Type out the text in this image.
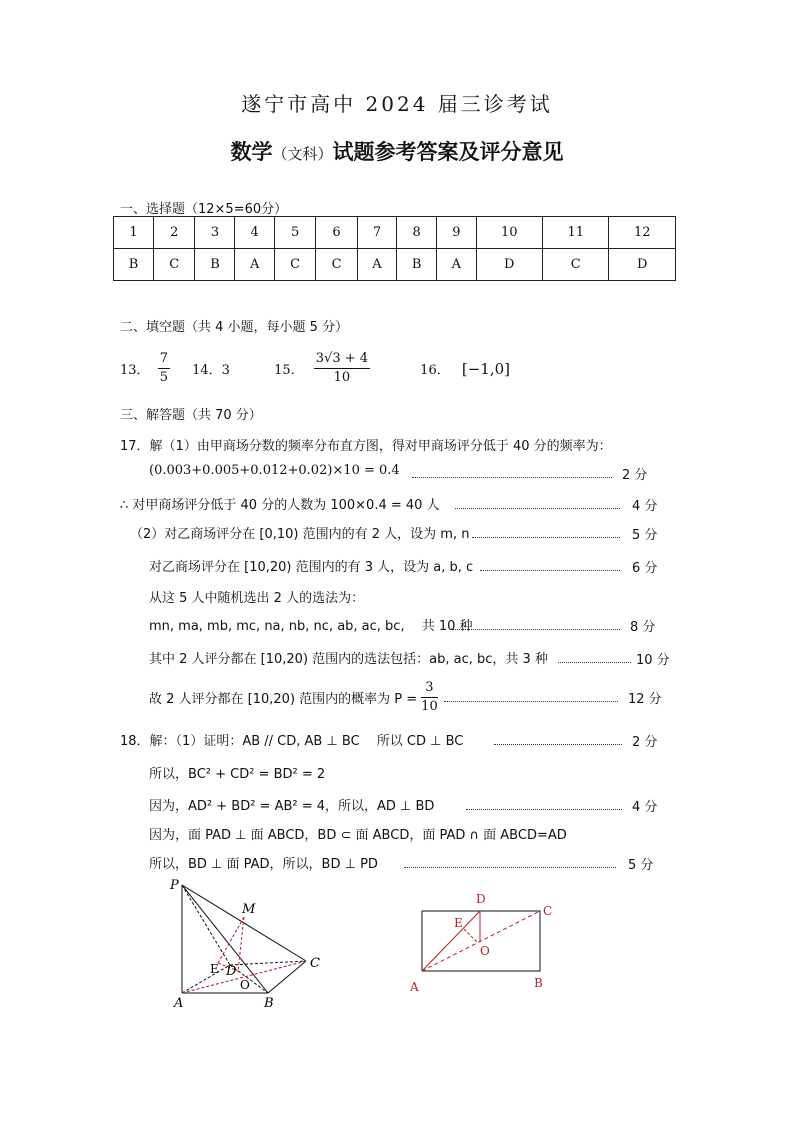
遂宁市高中 2024 届三诊考试
数学（文科）试题参考答案及评分意见
一、选择题（12×5=60分）
1	2	3	4	5	6	7	8	9	10	11	12
B	C	B	A	C	C	A	B	A	D	C	D
二、填空题（共 4 小题，每小题 5 分）
13． $\frac{7}{5} 14$．3	15． $\frac{3√3 + 4}{10}$	16． [−1,0]
三、解答题（共 70 分）
17．解（1）由甲商场分数的频率分布直方图，得对甲商场评分低于 40 分的频率为：
(0.003+0.005+0.012+0.02)×10 = 0.4	2 分
∴ 对甲商场评分低于 40 分的人数为 100×0.4 = 40 人	4 分
（2）对乙商场评分在 [0,10) 范围内的有 2 人，设为 m, n	5 分
对乙商场评分在 [10,20) 范围内的有 3 人，设为 a, b, c	6 分
从这 5 人中随机选出 2 人的选法为：
mn, ma, mb, mc, na, nb, nc, ab, ac, bc,　 共 10 种	8 分
其中 2 人评分都在 [10,20) 范围内的选法包括：ab, ac, bc，共 3 种	10 分
故 2 人评分都在 [10,20) 范围内的概率为 $P = \frac{3}{10}$	12 分
18．解：（1）证明：AB // CD, AB ⊥ BC　 所以 CD ⊥ BC	2 分
所以，BC² + CD² = BD² = 2
因为，AD² + BD² = AB² = 4，所以，AD ⊥ BD	4 分
因为，面 PAD ⊥ 面 ABCD，BD ⊂ 面 ABCD，面 PAD ∩ 面 ABCD=AD
所以，BD ⊥ 面 PAD，所以，BD ⊥ PD	5 分
P
M
E D
O
A	B
C
D
C
E
O
A	B
